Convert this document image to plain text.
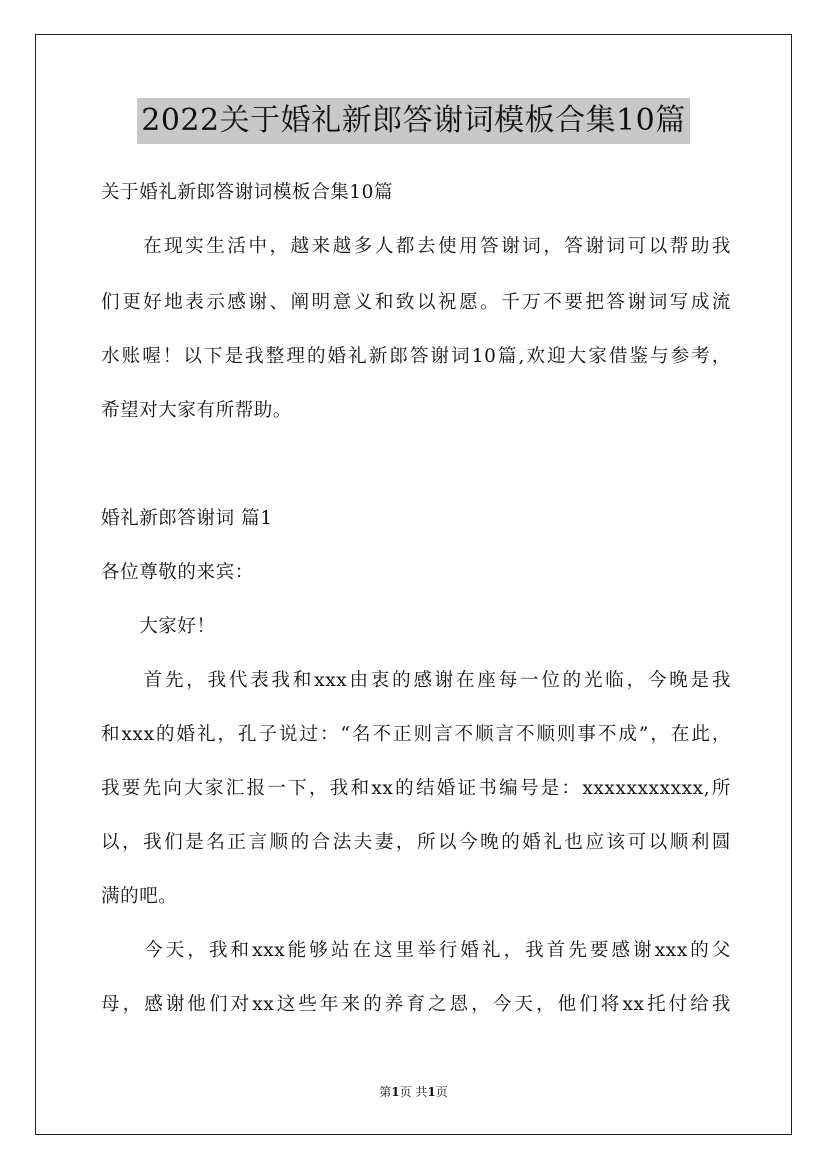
2022关于婚礼新郎答谢词模板合集10篇
关于婚礼新郎答谢词模板合集10篇
　　在现实生活中，越来越多人都去使用答谢词，答谢词可以帮助我
们更好地表示感谢、阐明意义和致以祝愿。千万不要把答谢词写成流
水账喔！以下是我整理的婚礼新郎答谢词10篇,欢迎大家借鉴与参考，
希望对大家有所帮助。
婚礼新郎答谢词 篇1
各位尊敬的来宾：
　　大家好！
　　首先，我代表我和xxx由衷的感谢在座每一位的光临，今晚是我
和xxx的婚礼，孔子说过：“名不正则言不顺言不顺则事不成”，在此，
我要先向大家汇报一下，我和xx的结婚证书编号是：xxxxxxxxxxx,所
以，我们是名正言顺的合法夫妻，所以今晚的婚礼也应该可以顺利圆
满的吧。
　　今天，我和xxx能够站在这里举行婚礼，我首先要感谢xxx的父
母，感谢他们对xx这些年来的养育之恩，今天，他们将xx托付给我
第1页 共1页
